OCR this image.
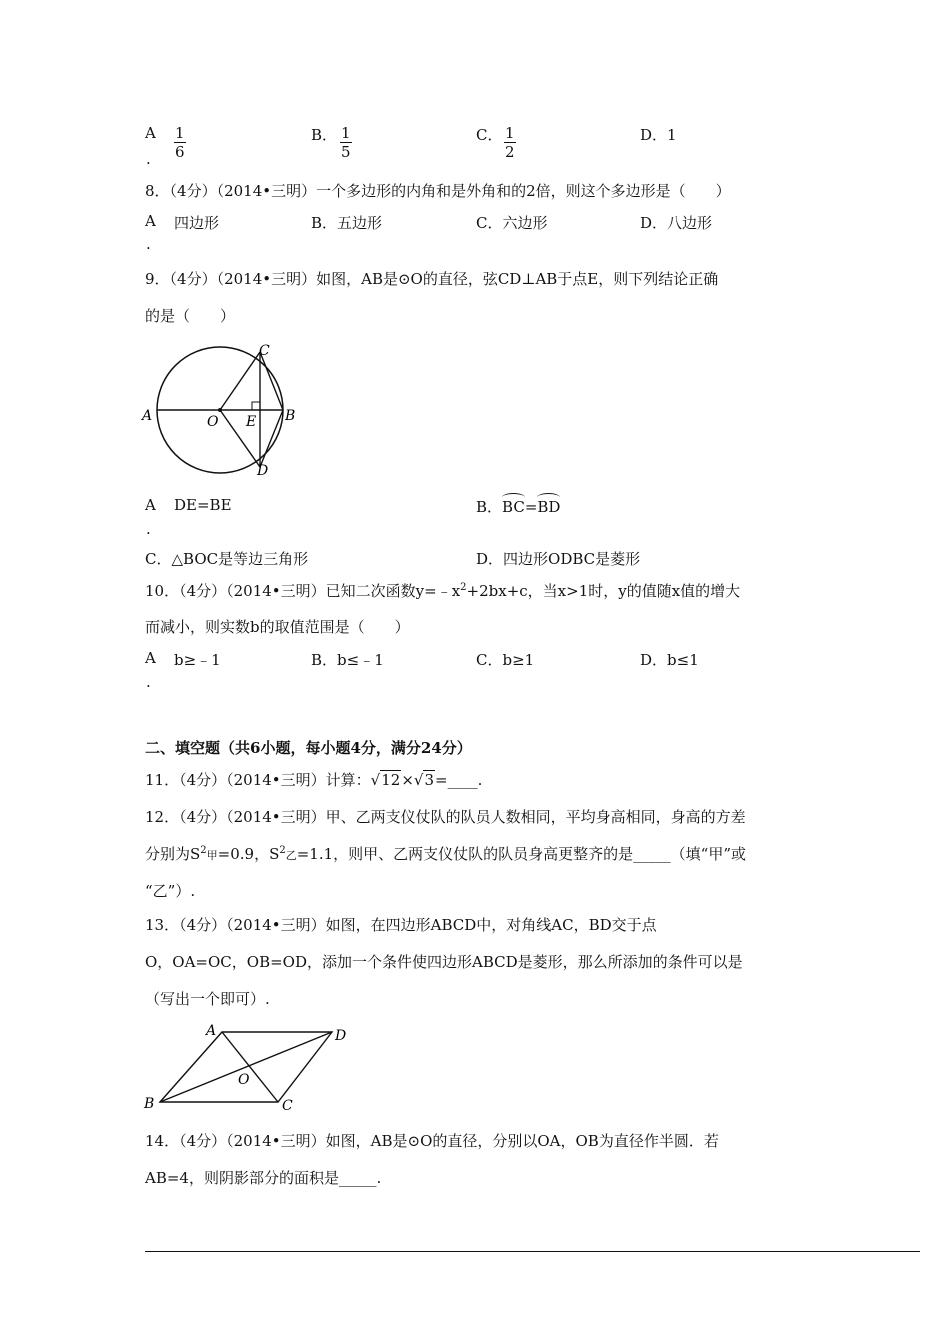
A
. $\frac{1}{6}$	B． $\frac{1}{5}$	C． $\frac{1}{2}$	D．1
8．（4分）（2014•三明）一个多边形的内角和是外角和的2倍，则这个多边形是（　　）
A
.
四边形	B．五边形	C．六边形	D．八边形
9．（4分）（2014•三明）如图，AB是⊙O的直径，弦CD⊥AB于点E，则下列结论正确
的是（　　）
C
A	O E B
D
A
.
DE=BE	B．BC=BD
C．△BOC是等边三角形	D．四边形ODBC是菱形
10．（4分）（2014•三明）已知二次函数$y=﹣x^2+2bx+c$，当x>1时，y的值随x值的增大
而减小，则实数b的取值范围是（　　）
A
.
b≥﹣1	B．b≤﹣1	C．b≥1	D．b≤1
二、填空题（共6小题，每小题4分，满分24分）
11．（4分）（2014•三明）计算：√12×√3=____.
12．（4分）（2014•三明）甲、乙两支仪仗队的队员人数相同，平均身高相同，身高的方差
分别为$S^2$甲=0.9，$S^2$乙=1.1，则甲、乙两支仪仗队的队员身高更整齐的是_____（填“甲”或
“乙”）.
13．（4分）（2014•三明）如图，在四边形ABCD中，对角线AC，BD交于点
O，OA=OC，OB=OD，添加一个条件使四边形ABCD是菱形，那么所添加的条件可以是
（写出一个即可）.
A	D
O
B	C
14．（4分）（2014•三明）如图，AB是⊙O的直径，分别以OA，OB为直径作半圆．若
AB=4，则阴影部分的面积是_____.
